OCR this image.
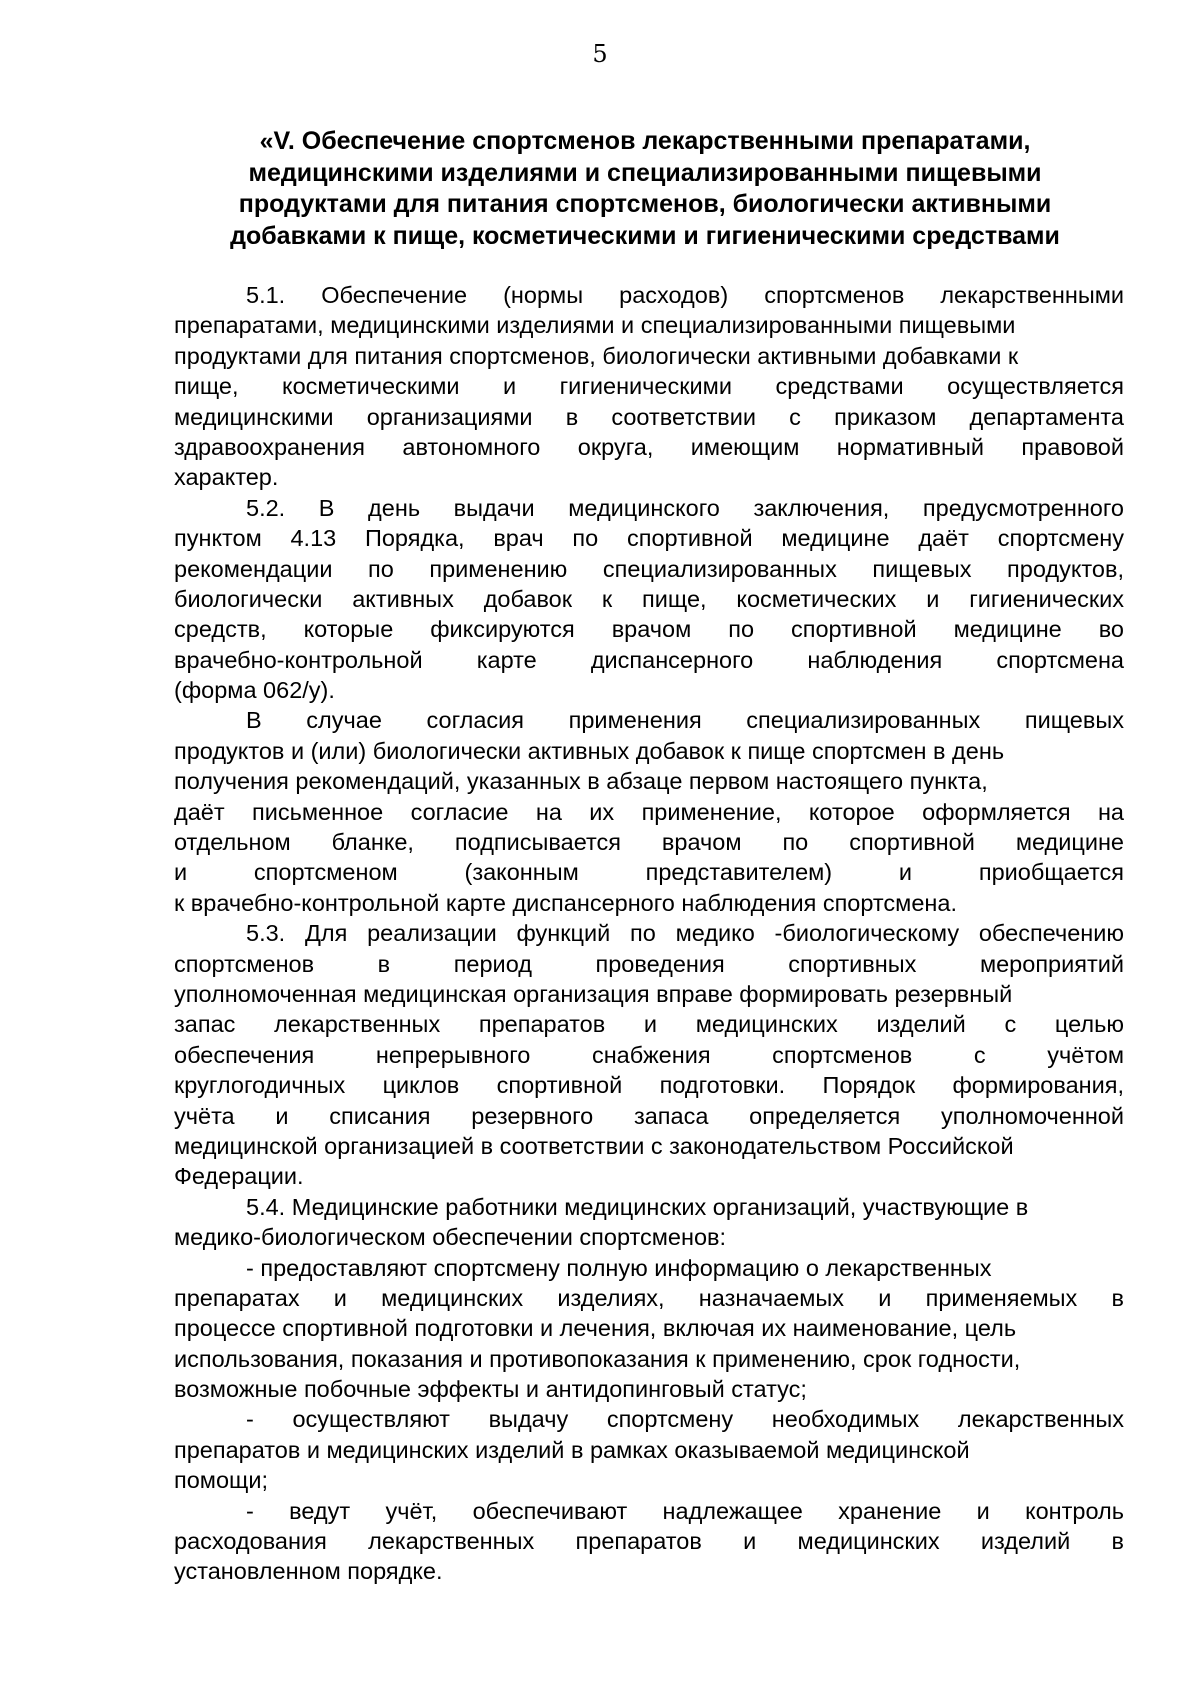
5
«V. Обеспечение спортсменов лекарственными препаратами,
медицинскими изделиями и специализированными пищевыми
продуктами для питания спортсменов, биологически активными
добавками к пище, косметическими и гигиеническими средствами
5.1. Обеспечение (нормы расходов) спортсменов лекарственными
препаратами, медицинскими изделиями и специализированными пищевыми
продуктами для питания спортсменов, биологически активными добавками к
пище, косметическими и гигиеническими средствами осуществляется
медицинскими организациями в соответствии с приказом департамента
здравоохранения автономного округа, имеющим нормативный правовой
характер.
5.2. В день выдачи медицинского заключения, предусмотренного
пунктом 4.13 Порядка, врач по спортивной медицине даёт спортсмену
рекомендации по применению специализированных пищевых продуктов,
биологически активных добавок к пище, косметических и гигиенических
средств, которые фиксируются врачом по спортивной медицине во
врачебно-контрольной карте диспансерного наблюдения спортсмена
(форма 062/у).
В случае согласия применения специализированных пищевых
продуктов и (или) биологически активных добавок к пище спортсмен в день
получения рекомендаций, указанных в абзаце первом настоящего пункта,
даёт письменное согласие на их применение, которое оформляется на
отдельном бланке, подписывается врачом по спортивной медицине
и спортсменом (законным представителем) и приобщается
к врачебно-контрольной карте диспансерного наблюдения спортсмена.
5.3. Для реализации функций по медико -биологическому обеспечению
спортсменов в период проведения спортивных мероприятий
уполномоченная медицинская организация вправе формировать резервный
запас лекарственных препаратов и медицинских изделий с целью
обеспечения непрерывного снабжения спортсменов с учётом
круглогодичных циклов спортивной подготовки. Порядок формирования,
учёта и списания резервного запаса определяется уполномоченной
медицинской организацией в соответствии с законодательством Российской
Федерации.
5.4. Медицинские работники медицинских организаций, участвующие в
медико-биологическом обеспечении спортсменов:
- предоставляют спортсмену полную информацию о лекарственных
препаратах и медицинских изделиях, назначаемых и применяемых в
процессе спортивной подготовки и лечения, включая их наименование, цель
использования, показания и противопоказания к применению, срок годности,
возможные побочные эффекты и антидопинговый статус;
- осуществляют выдачу спортсмену необходимых лекарственных
препаратов и медицинских изделий в рамках оказываемой медицинской
помощи;
- ведут учёт, обеспечивают надлежащее хранение и контроль
расходования лекарственных препаратов и медицинских изделий в
установленном порядке.
